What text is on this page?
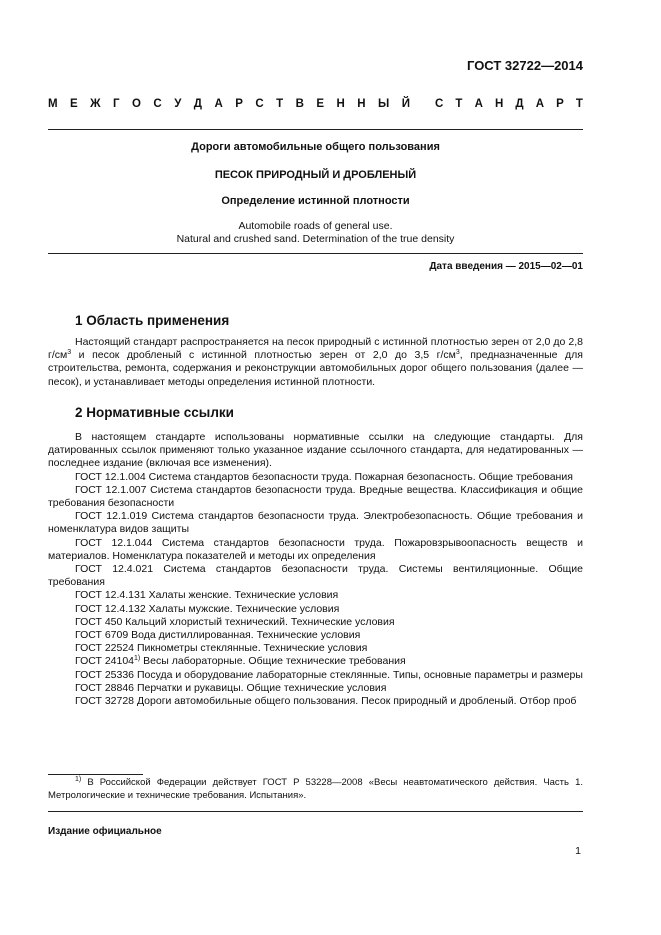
ГОСТ 32722—2014
М Е Ж Г О С У Д А Р С Т В Е Н Н Ы Й С Т А Н Д А Р Т
Дороги автомобильные общего пользования
ПЕСОК ПРИРОДНЫЙ И ДРОБЛЕНЫЙ
Определение истинной плотности
Automobile roads of general use.
Natural and crushed sand. Determination of the true density
Дата введения — 2015—02—01
1 Область применения

Настоящий стандарт распространяется на песок природный с истинной плотностью зерен от 2,0 до 2,8 $г/см^3$ и песок дробленый с истинной плотностью зерен от 2,0 до 3,5 $г/см^3$, предназначенные для строительства, ремонта, содержания и реконструкции автомобильных дорог общего пользования (далее — песок), и устанавливает методы определения истинной плотности.

2 Нормативные ссылки

В настоящем стандарте использованы нормативные ссылки на следующие стандарты. Для датированных ссылок применяют только указанное издание ссылочного стандарта, для недатированных — последнее издание (включая все изменения).

ГОСТ 12.1.004 Система стандартов безопасности труда. Пожарная безопасность. Общие требования

ГОСТ 12.1.007 Система стандартов безопасности труда. Вредные вещества. Классификация и общие требования безопасности

ГОСТ 12.1.019 Система стандартов безопасности труда. Электробезопасность. Общие требования и номенклатура видов защиты

ГОСТ 12.1.044 Система стандартов безопасности труда. Пожаровзрывоопасность веществ и материалов. Номенклатура показателей и методы их определения

ГОСТ 12.4.021 Система стандартов безопасности труда. Системы вентиляционные. Общие требования

ГОСТ 12.4.131 Халаты женские. Технические условия

ГОСТ 12.4.132 Халаты мужские. Технические условия

ГОСТ 450 Кальций хлористый технический. Технические условия

ГОСТ 6709 Вода дистиллированная. Технические условия

ГОСТ 22524 Пикнометры стеклянные. Технические условия

ГОСТ 24104$^{1)}$ Весы лабораторные. Общие технические требования

ГОСТ 25336 Посуда и оборудование лабораторные стеклянные. Типы, основные параметры и размеры

ГОСТ 28846 Перчатки и рукавицы. Общие технические условия

ГОСТ 32728 Дороги автомобильные общего пользования. Песок природный и дробленый. Отбор проб

$^{1)}$ В Российской Федерации действует ГОСТ Р 53228—2008 «Весы неавтоматического действия. Часть 1. Метрологические и технические требования. Испытания».
Издание официальное
1
